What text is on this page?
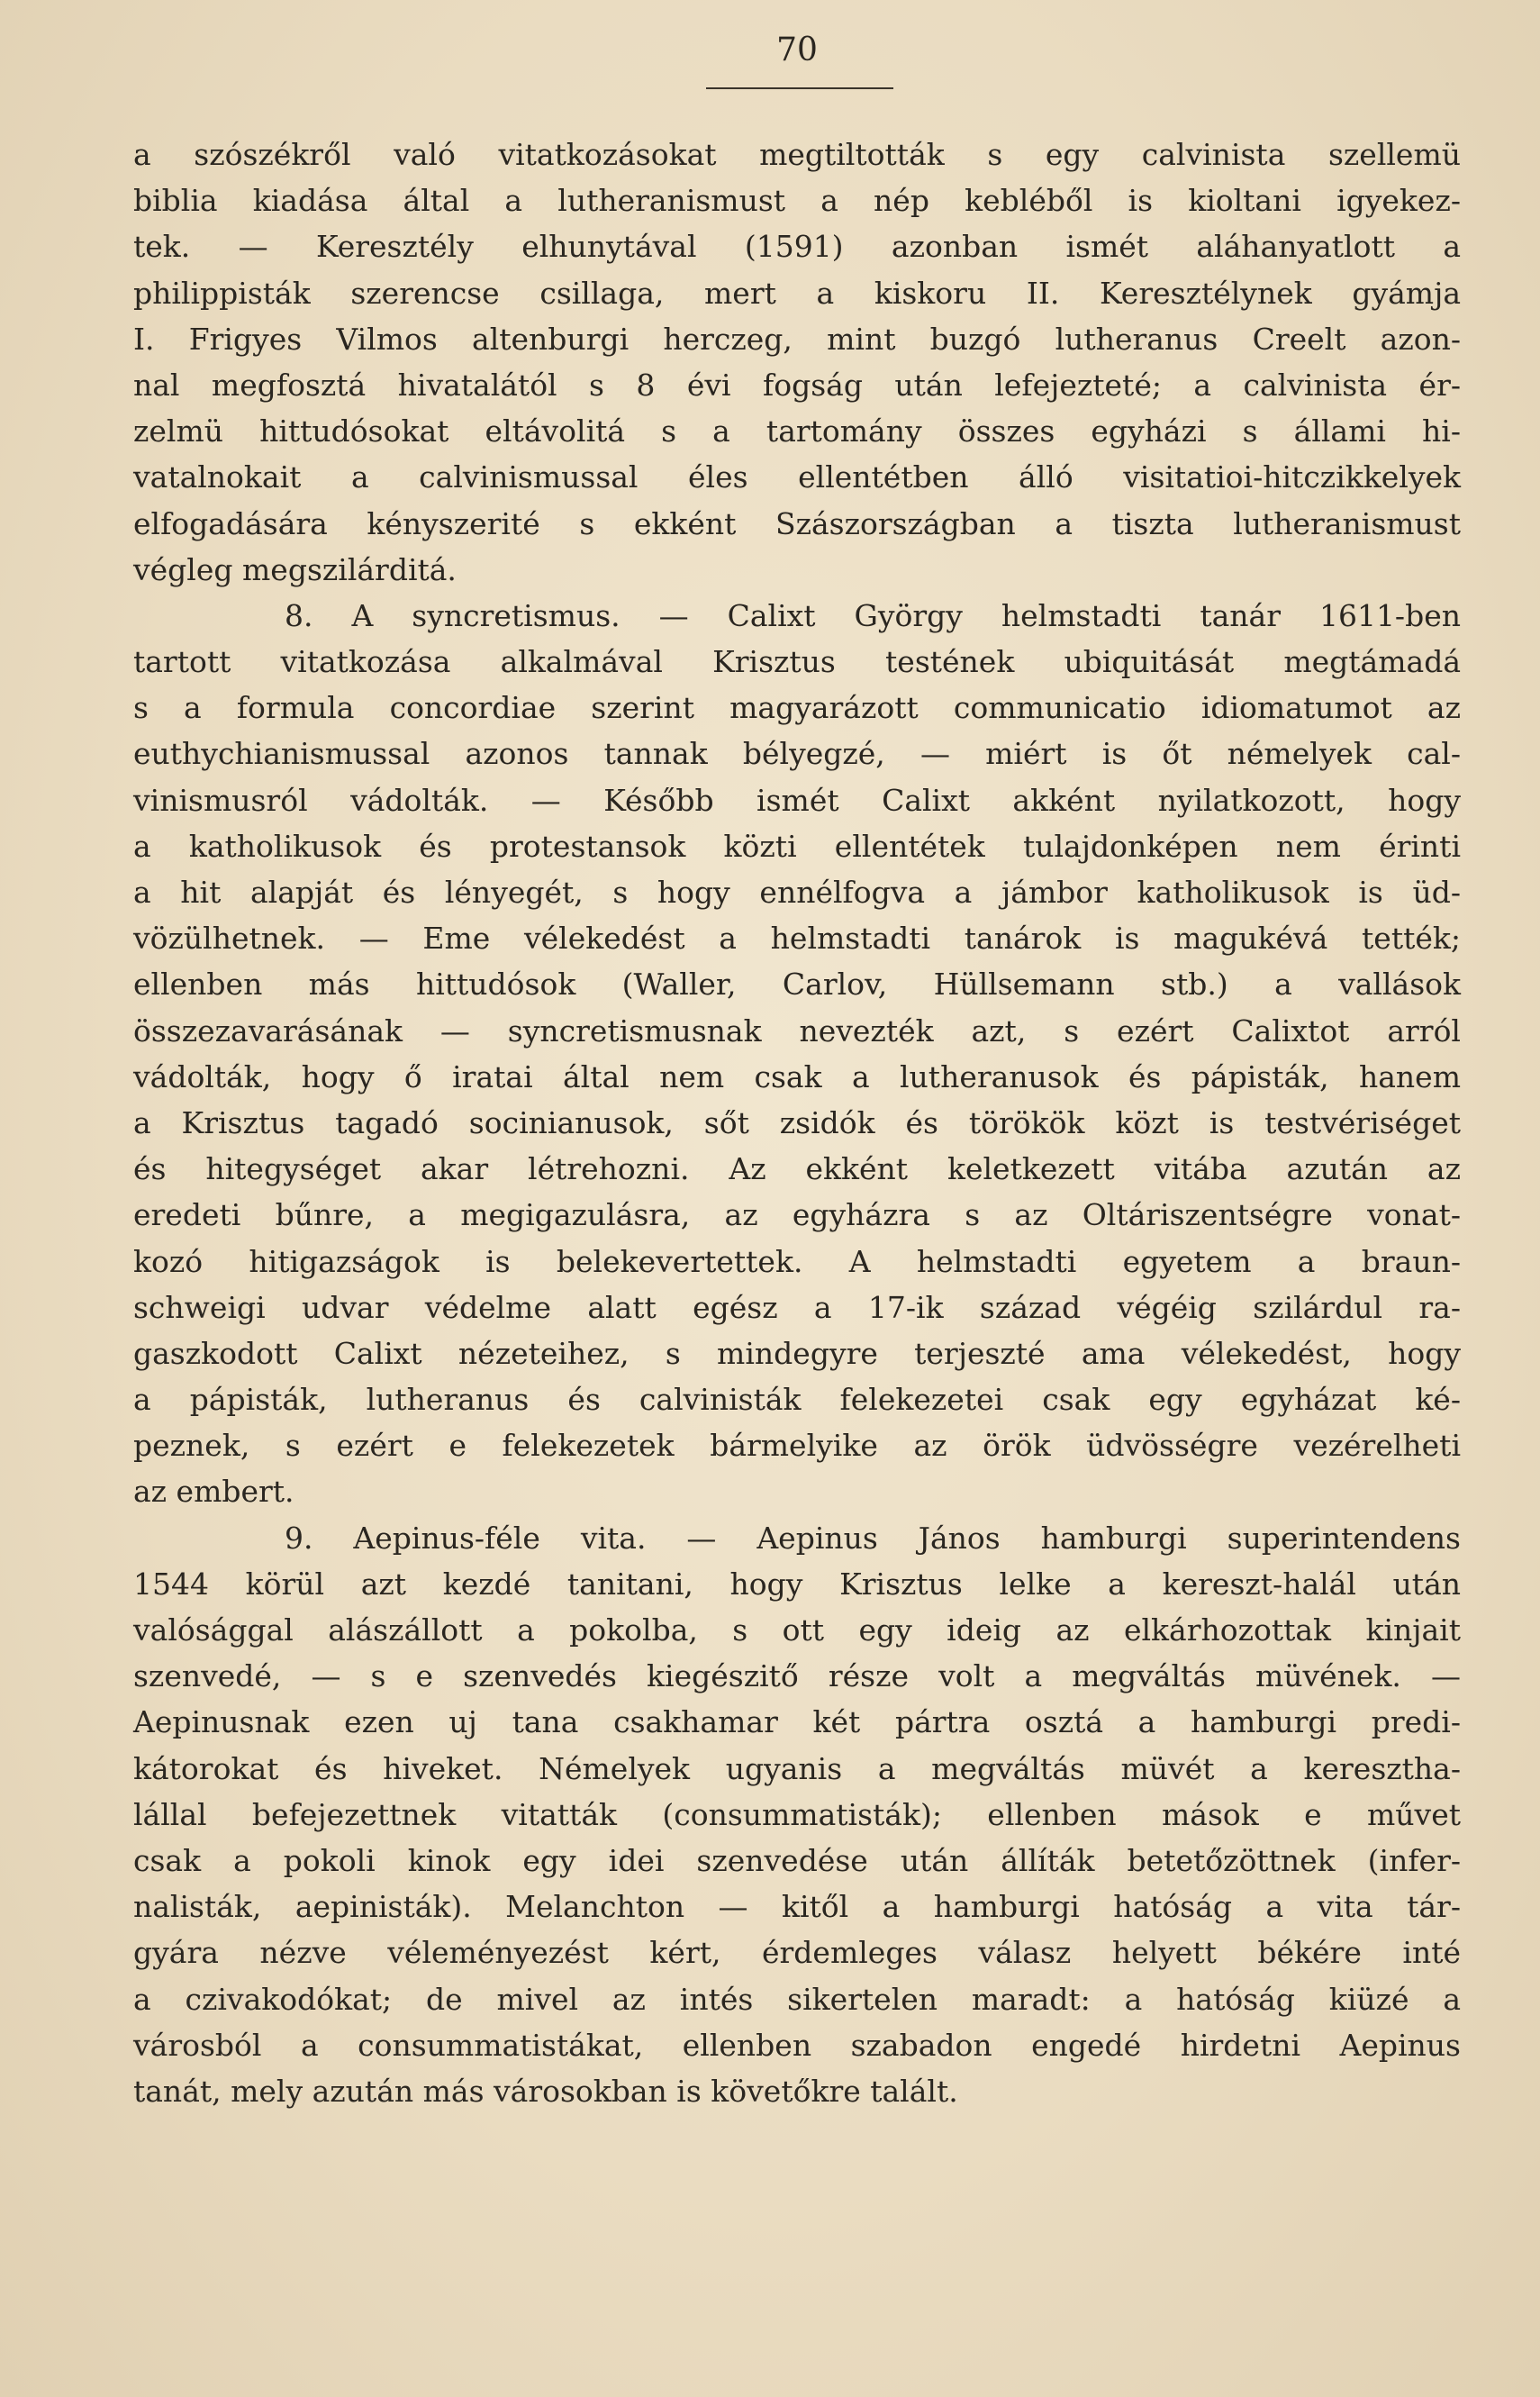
70
a szószékről való vitatkozásokat megtiltották s egy calvinista szellemü
biblia kiadása által a lutheranismust a nép kebléből is kioltani igyekez-
tek. — Keresztély elhunytával (1591) azonban ismét aláhanyatlott a
philippisták szerencse csillaga, mert a kiskoru II. Keresztélynek gyámja
I. Frigyes Vilmos altenburgi herczeg, mint buzgó lutheranus Creelt azon-
nal megfosztá hivatalától s 8 évi fogság után lefejezteté; a calvinista ér-
zelmü hittudósokat eltávolitá s a tartomány összes egyházi s állami hi-
vatalnokait a calvinismussal éles ellentétben álló visitatioi-hitczikkelyek
elfogadására kényszerité s ekként Szászországban a tiszta lutheranismust
végleg megszilárditá.
8. A syncretismus. — Calixt György helmstadti tanár 1611-ben
tartott vitatkozása alkalmával Krisztus testének ubiquitását megtámadá
s a formula concordiae szerint magyarázott communicatio idiomatumot az
euthychianismussal azonos tannak bélyegzé, — miért is őt némelyek cal-
vinismusról vádolták. — Később ismét Calixt akként nyilatkozott, hogy
a katholikusok és protestansok közti ellentétek tulajdonképen nem érinti
a hit alapját és lényegét, s hogy ennélfogva a jámbor katholikusok is üd-
vözülhetnek. — Eme vélekedést a helmstadti tanárok is magukévá tették;
ellenben más hittudósok (Waller, Carlov, Hüllsemann stb.) a vallások
összezavarásának — syncretismusnak nevezték azt, s ezért Calixtot arról
vádolták, hogy ő iratai által nem csak a lutheranusok és pápisták, hanem
a Krisztus tagadó socinianusok, sőt zsidók és törökök közt is testvériséget
és hitegységet akar létrehozni. Az ekként keletkezett vitába azután az
eredeti bűnre, a megigazulásra, az egyházra s az Oltáriszentségre vonat-
kozó hitigazságok is belekevertettek. A helmstadti egyetem a braun-
schweigi udvar védelme alatt egész a 17-ik század végéig szilárdul ra-
gaszkodott Calixt nézeteihez, s mindegyre terjeszté ama vélekedést, hogy
a pápisták, lutheranus és calvinisták felekezetei csak egy egyházat ké-
peznek, s ezért e felekezetek bármelyike az örök üdvösségre vezérelheti
az embert.
9. Aepinus-féle vita. — Aepinus János hamburgi superintendens
1544 körül azt kezdé tanitani, hogy Krisztus lelke a kereszt-halál után
valósággal alászállott a pokolba, s ott egy ideig az elkárhozottak kinjait
szenvedé, — s e szenvedés kiegészitő része volt a megváltás müvének. —
Aepinusnak ezen uj tana csakhamar két pártra osztá a hamburgi predi-
kátorokat és hiveket. Némelyek ugyanis a megváltás müvét a kereszthа-
lállal befejezettnek vitatták (consummatisták); ellenben mások e művet
csak a pokoli kinok egy idei szenvedése után állíták betetőzöttnek (infer-
nalisták, aepinisták). Melanchton — kitől a hamburgi hatóság a vita tár-
gyára nézve véleményezést kért, érdemleges válasz helyett békére inté
a czivakodókat; de mivel az intés sikertelen maradt: a hatóság kiüzé a
városból a consummatistákat, ellenben szabadon engedé hirdetni Aepinus
tanát, mely azután más városokban is követőkre talált.
